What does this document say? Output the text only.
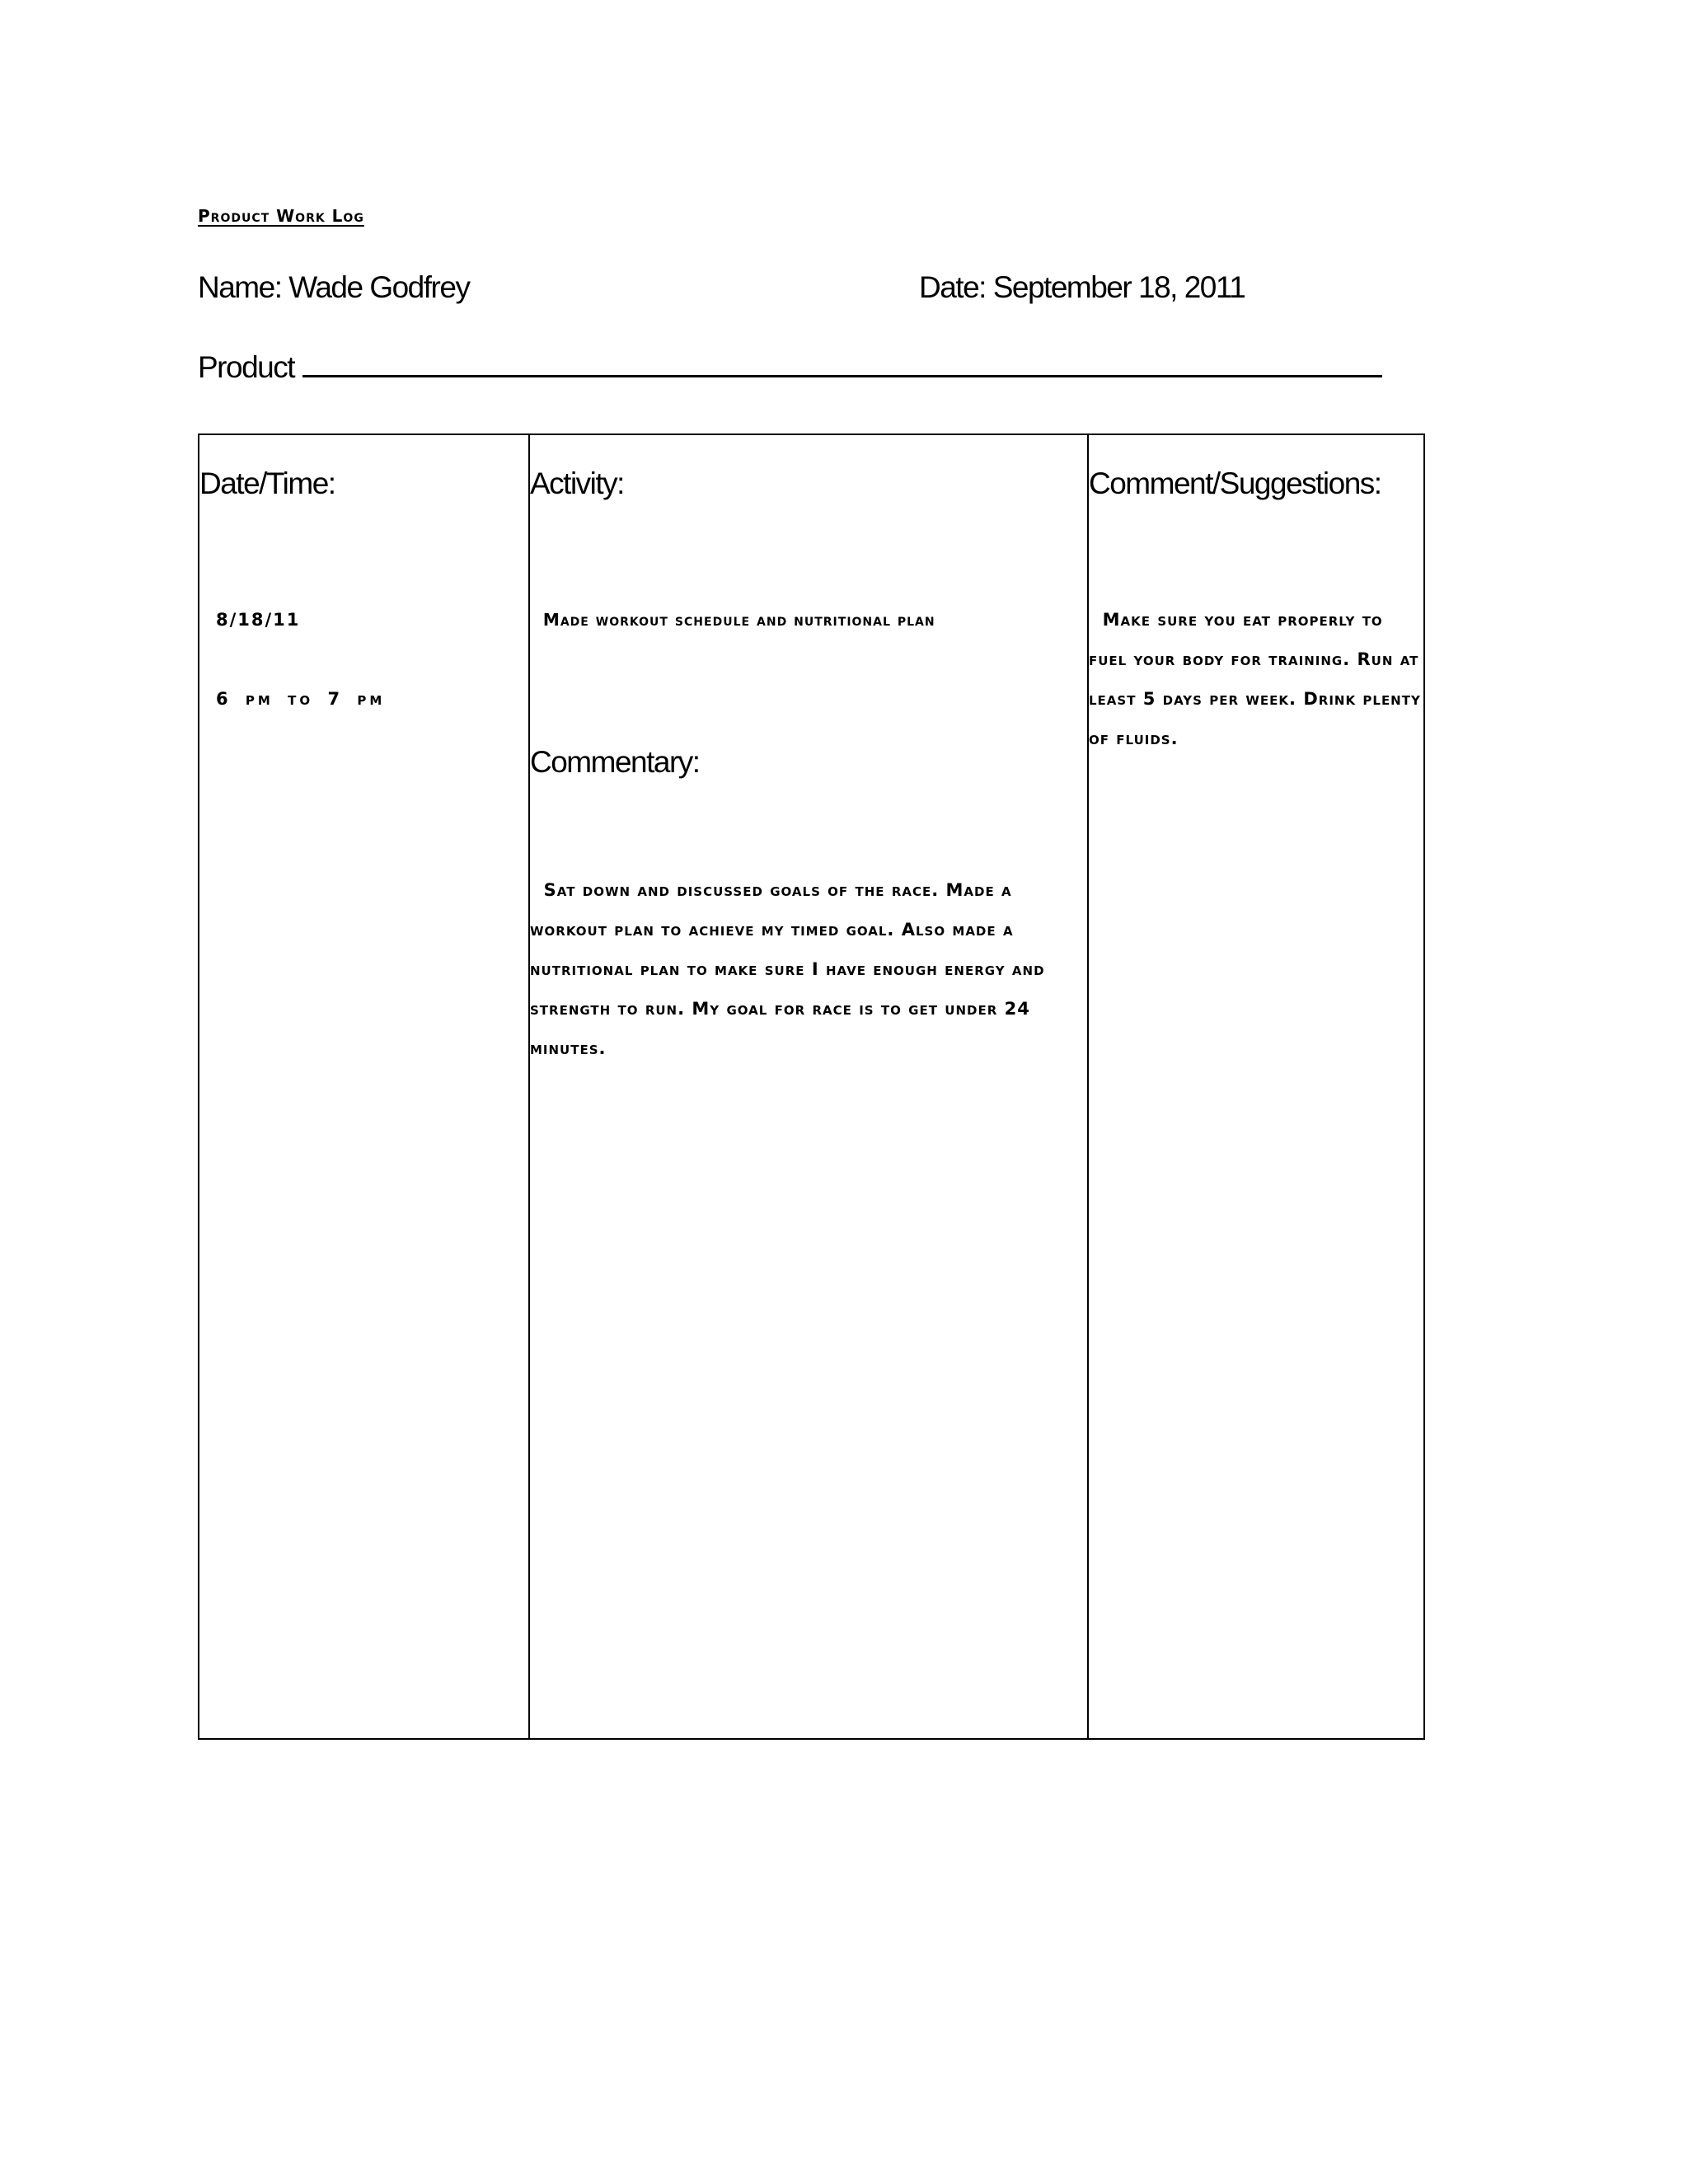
Product Work Log
Name: Wade Godfrey	Date: September 18, 2011
Product
Date/Time:
8/18/11
6 pm to 7 pm
Activity:
Made workout schedule and nutritional plan
Commentary:
Sat down and discussed goals of the race. Made a workout plan to achieve my timed goal. Also made a nutritional plan to make sure I have enough energy and strength to run. My goal for race is to get under 24 minutes.
Comment/Suggestions:
Make sure you eat properly to fuel your body for training. Run at least 5 days per week. Drink plenty of fluids.
